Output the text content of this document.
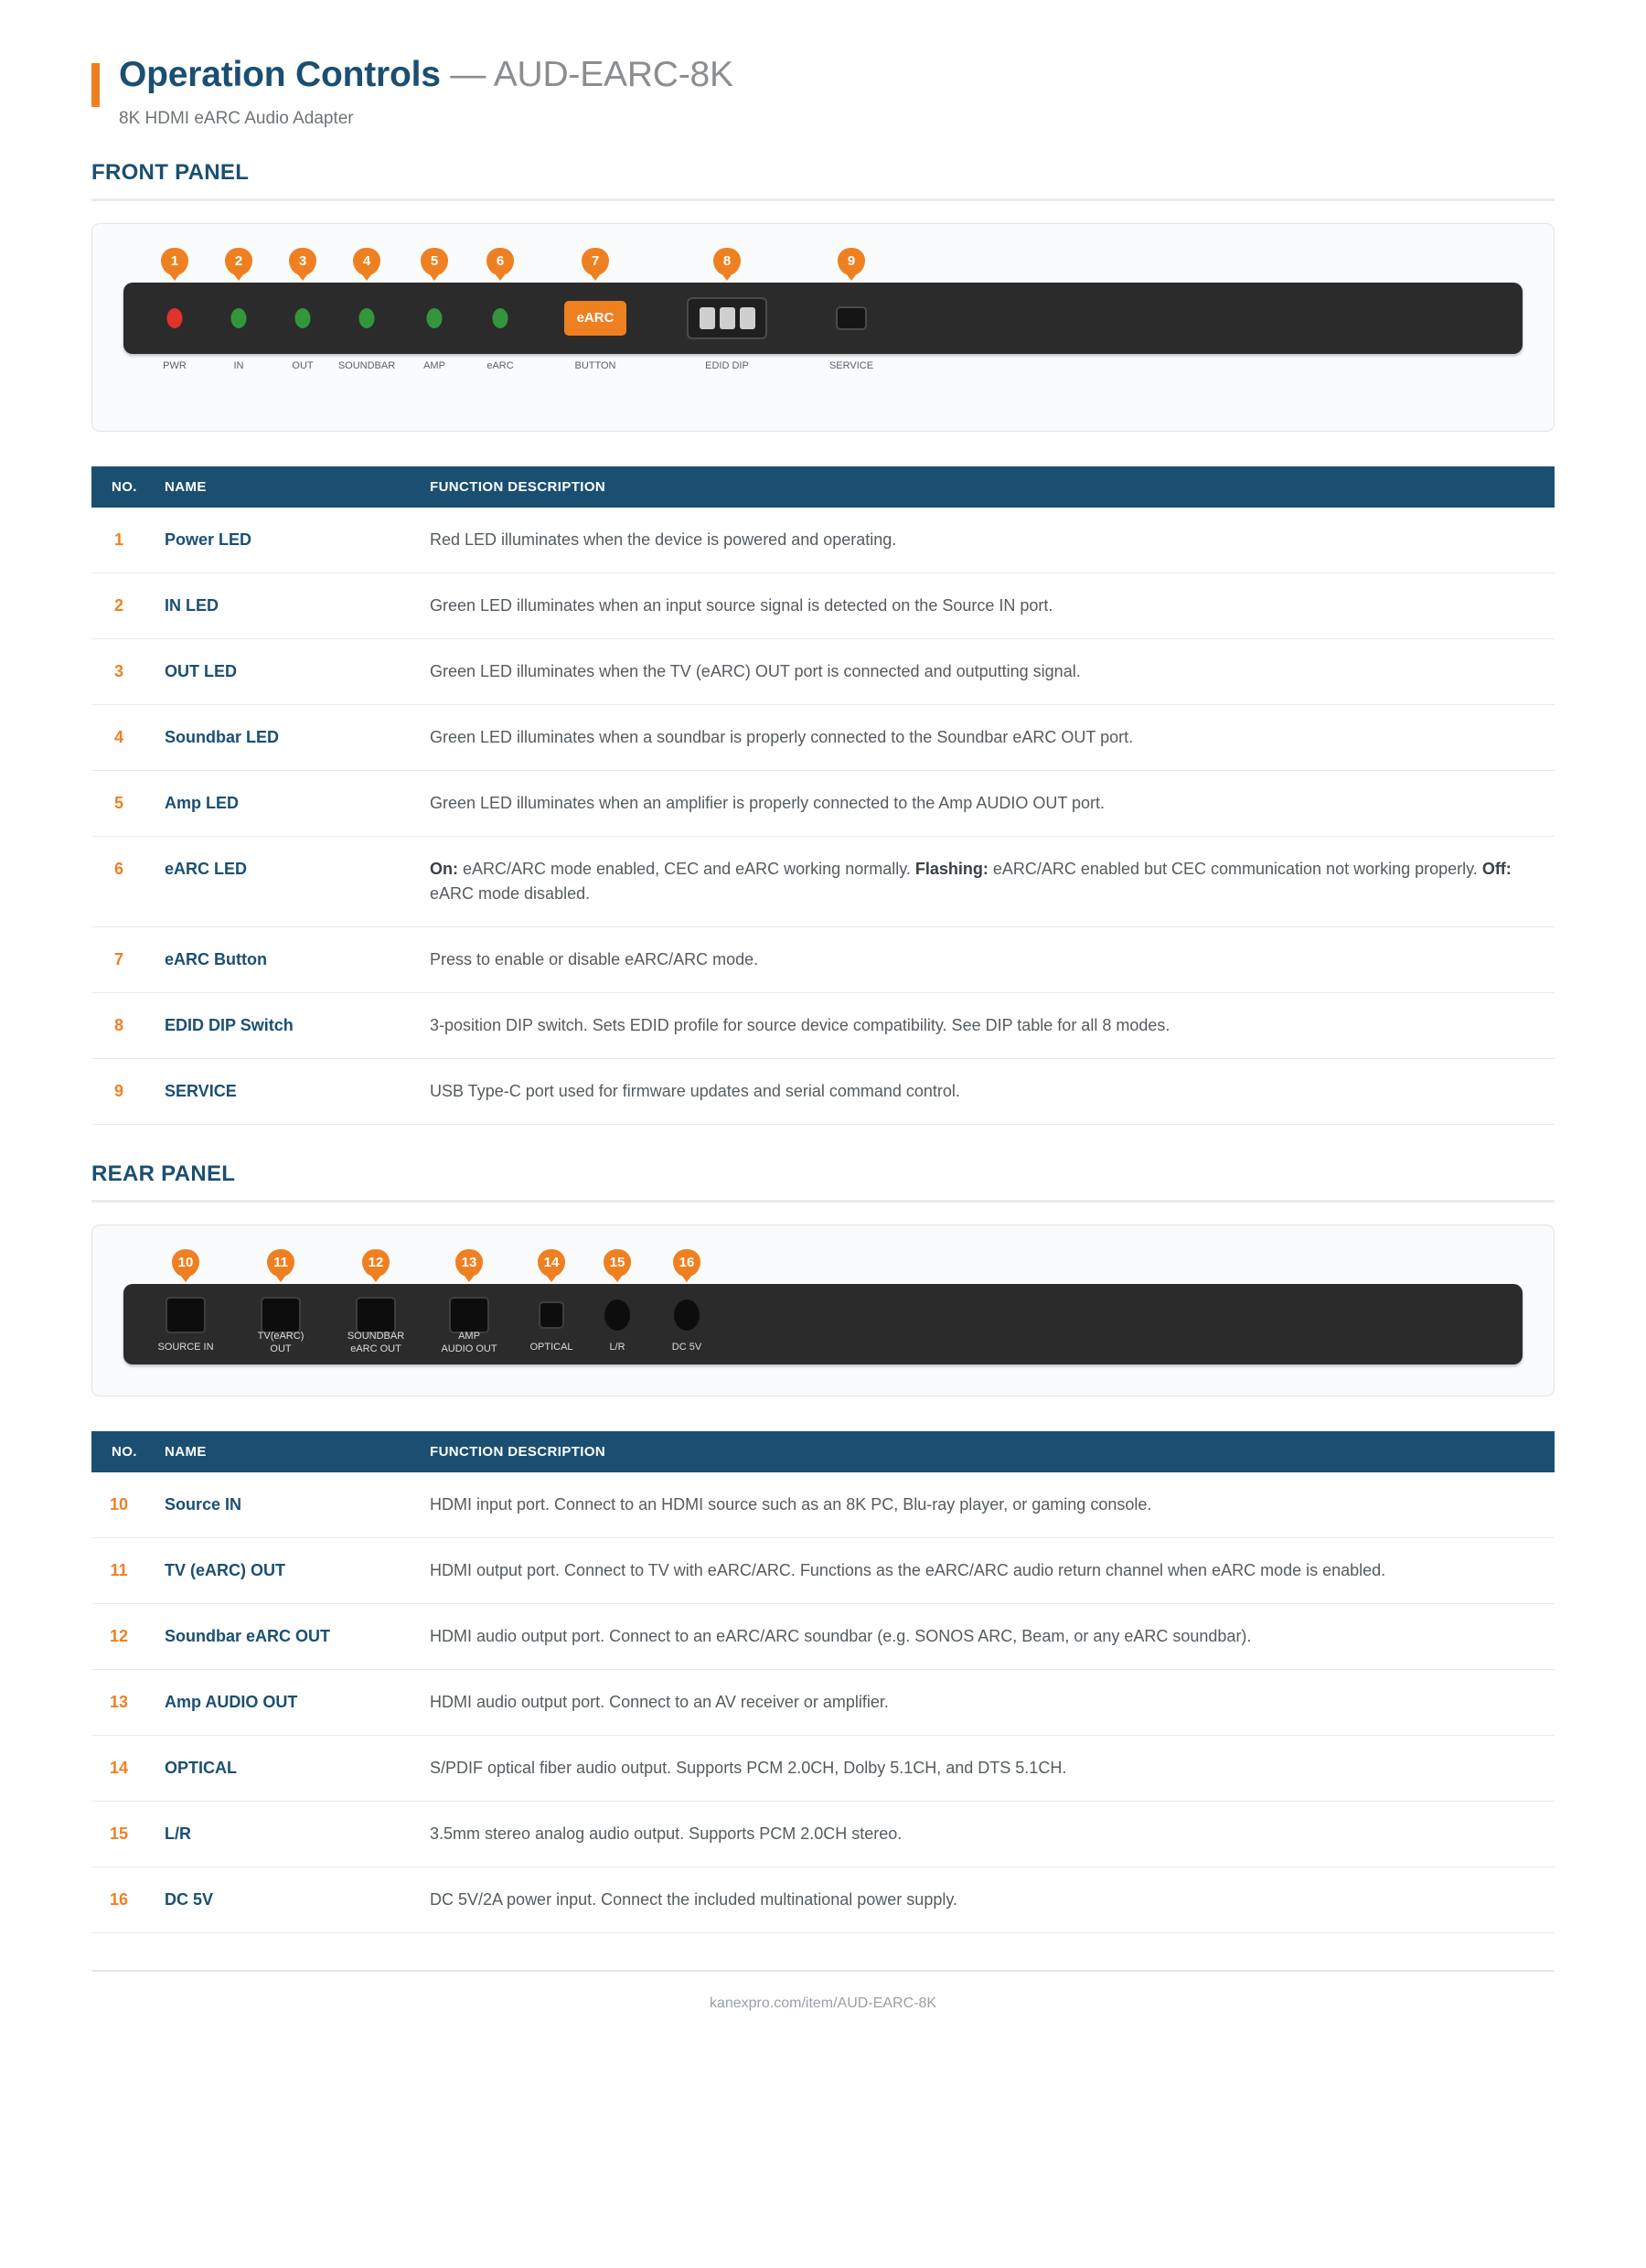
Operation Controls — AUD-EARC-8K
8K HDMI eARC Audio Adapter
FRONT PANEL
1	2	3	4	5	6	7	8	9
eARC
PWR	IN	OUT SOUNDBAR	AMP	eARC	BUTTON	EDID DIP	SERVICE
NO.	NAME	FUNCTION DESCRIPTION
1	Power LED	Red LED illuminates when the device is powered and operating.
2	IN LED	Green LED illuminates when an input source signal is detected on the Source IN port.
3	OUT LED	Green LED illuminates when the TV (eARC) OUT port is connected and outputting signal.
4	Soundbar LED	Green LED illuminates when a soundbar is properly connected to the Soundbar eARC OUT port.
5	Amp LED	Green LED illuminates when an amplifier is properly connected to the Amp AUDIO OUT port.
6	eARC LED	On: eARC/ARC mode enabled, CEC and eARC working normally. Flashing: eARC/ARC enabled but CEC communication not working properly. Off: eARC mode disabled.
7	eARC Button	Press to enable or disable eARC/ARC mode.
8	EDID DIP Switch	3-position DIP switch. Sets EDID profile for source device compatibility. See DIP table for all 8 modes.
9	SERVICE	USB Type-C port used for firmware updates and serial command control.
REAR PANEL
10	11	12	13	14	15	16
SOURCE IN
TV(eARC)
OUT
SOUNDBAR
eARC OUT
AMP
AUDIO OUT	OPTICAL	L/R	DC 5V
NO.	NAME	FUNCTION DESCRIPTION
10	Source IN	HDMI input port. Connect to an HDMI source such as an 8K PC, Blu-ray player, or gaming console.
11	TV (eARC) OUT	HDMI output port. Connect to TV with eARC/ARC. Functions as the eARC/ARC audio return channel when eARC mode is enabled.
12	Soundbar eARC OUT	HDMI audio output port. Connect to an eARC/ARC soundbar (e.g. SONOS ARC, Beam, or any eARC soundbar).
13	Amp AUDIO OUT	HDMI audio output port. Connect to an AV receiver or amplifier.
14	OPTICAL	S/PDIF optical fiber audio output. Supports PCM 2.0CH, Dolby 5.1CH, and DTS 5.1CH.
15	L/R	3.5mm stereo analog audio output. Supports PCM 2.0CH stereo.
16	DC 5V	DC 5V/2A power input. Connect the included multinational power supply.
kanexpro.com/item/AUD-EARC-8K
